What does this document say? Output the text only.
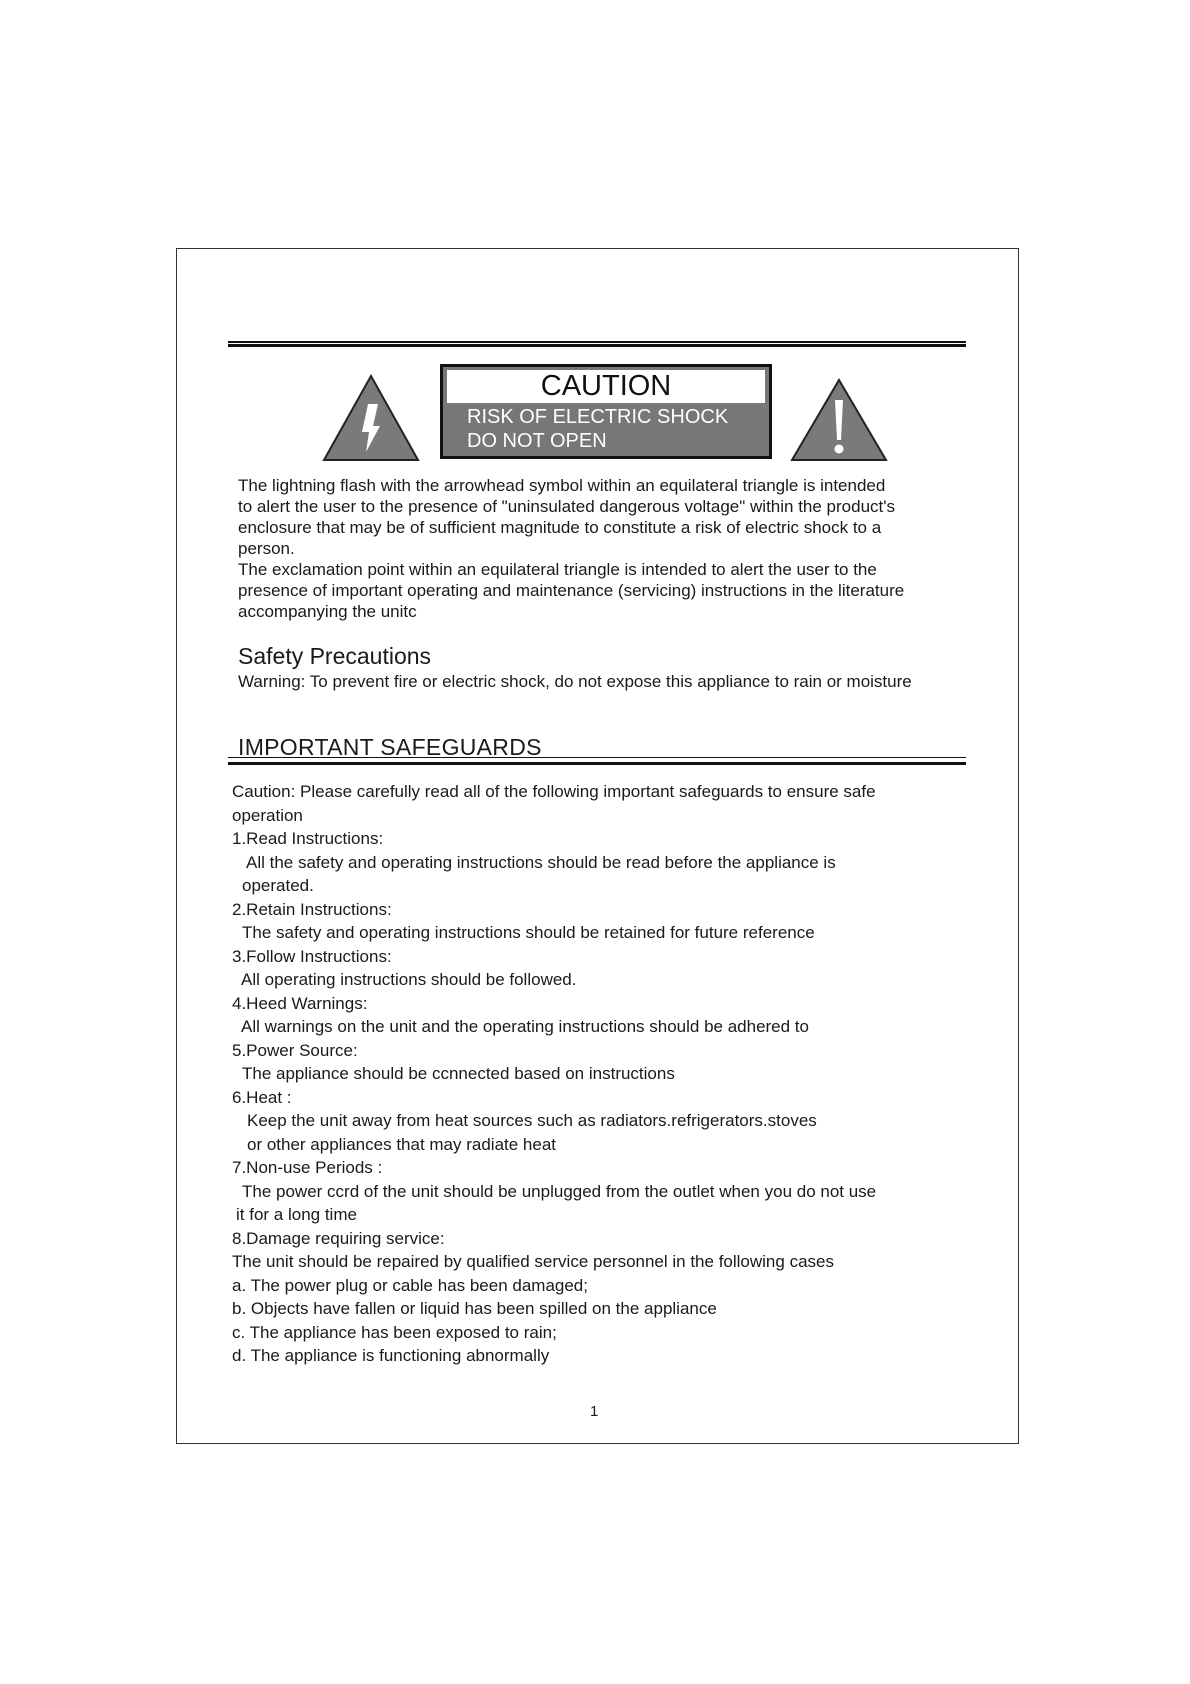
CAUTION
RISK OF ELECTRIC SHOCK
DO NOT OPEN
The lightning flash with the arrowhead symbol within an equilateral triangle is intended
to alert the user to the presence of "uninsulated dangerous voltage" within the product's
enclosure that may be of sufficient magnitude to constitute a risk of electric shock to a
person.
The exclamation point within an equilateral triangle is intended to alert the user to the
presence of important operating and maintenance (servicing) instructions in the literature
accompanying the unitc
Safety Precautions
Warning: To prevent fire or electric shock, do not expose this appliance to rain or moisture
IMPORTANT SAFEGUARDS
Caution: Please carefully read all of the following important safeguards to ensure safe
operation
1.Read Instructions:
All the safety and operating instructions should be read before the appliance is
operated.
2.Retain Instructions:
The safety and operating instructions should be retained for future reference
3.Follow Instructions:
All operating instructions should be followed.
4.Heed Warnings:
All warnings on the unit and the operating instructions should be adhered to
5.Power Source:
The appliance should be ccnnected based on instructions
6.Heat :
Keep the unit away from heat sources such as radiators.refrigerators.stoves
or other appliances that may radiate heat
7.Non-use Periods :
The power ccrd of the unit should be unplugged from the outlet when you do not use
it for a long time
8.Damage requiring service:
The unit should be repaired by qualified service personnel in the following cases
a. The power plug or cable has been damaged;
b. Objects have fallen or liquid has been spilled on the appliance
c. The appliance has been exposed to rain;
d. The appliance is functioning abnormally
1
